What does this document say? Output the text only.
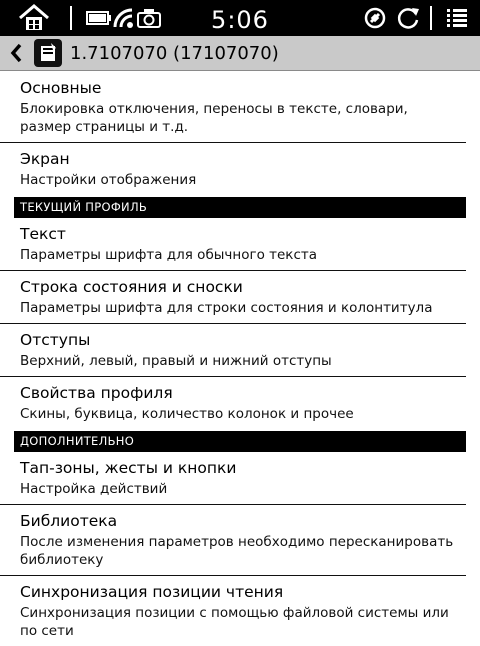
5:06
1.7107070 (17107070)
Основные
Блокировка отключения, переносы в тексте, словари, размер страницы и т.д.
Экран
Настройки отображения
ТЕКУЩИЙ ПРОФИЛЬ
Текст
Параметры шрифта для обычного текста
Строка состояния и сноски
Параметры шрифта для строки состояния и колонтитула
Отступы
Верхний, левый, правый и нижний отступы
Свойства профиля
Скины, буквица, количество колонок и прочее
ДОПОЛНИТЕЛЬНО
Тап-зоны, жесты и кнопки
Настройка действий
Библиотека
После изменения параметров необходимо пересканировать библиотеку
Синхронизация позиции чтения
Синхронизация позиции с помощью файловой системы или по сети
